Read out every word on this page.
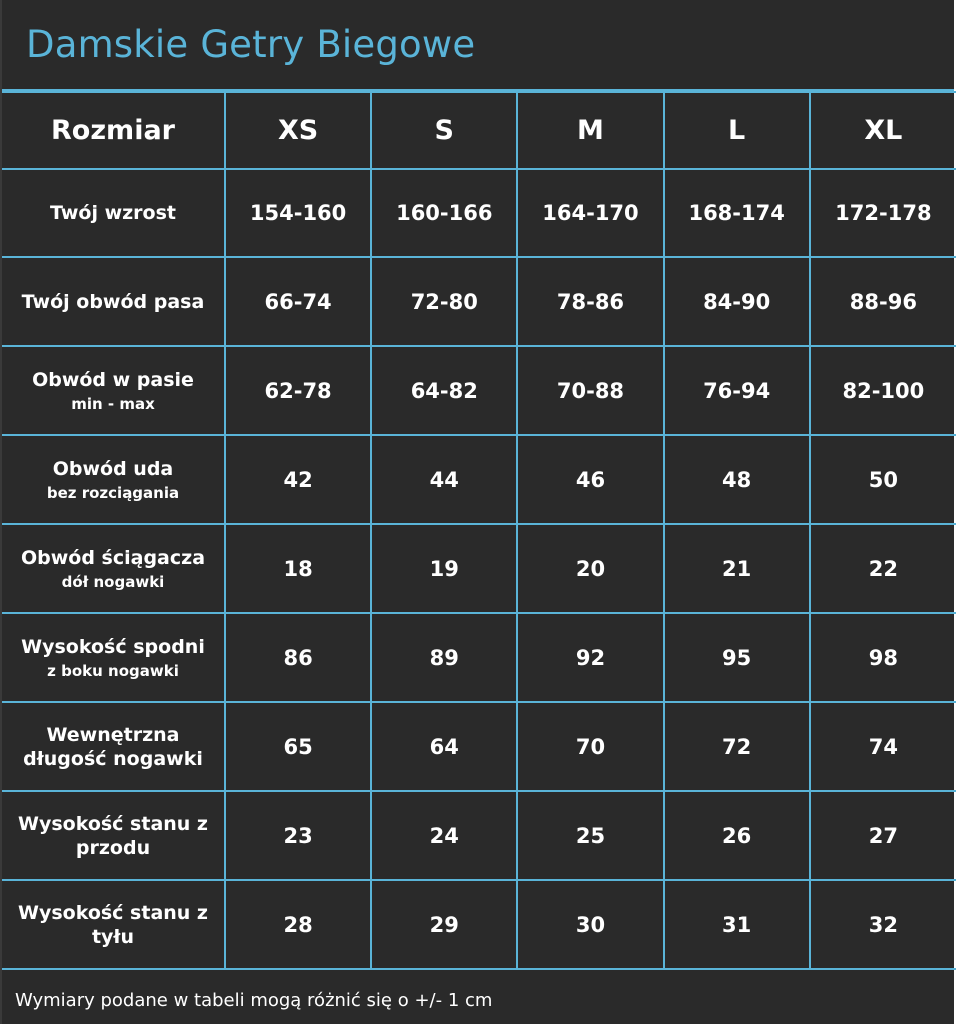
Damskie Getry Biegowe
Rozmiar	XS	S	M	L	XL
Twój wzrost	154-160	160-166	164-170	168-174	172-178
Twój obwód pasa	66-74	72-80	78-86	84-90	88-96
Obwód w pasie
min - max	62-78	64-82	70-88	76-94	82-100
Obwód uda
bez rozciągania	42	44	46	48	50
Obwód ściągacza
dół nogawki	18	19	20	21	22
Wysokość spodni
z boku nogawki	86	89	92	95	98
Wewnętrzna długość nogawki	65	64	70	72	74
Wysokość stanu z przodu	23	24	25	26	27
Wysokość stanu z tyłu	28	29	30	31	32
Wymiary podane w tabeli mogą różnić się o +/- 1 cm
